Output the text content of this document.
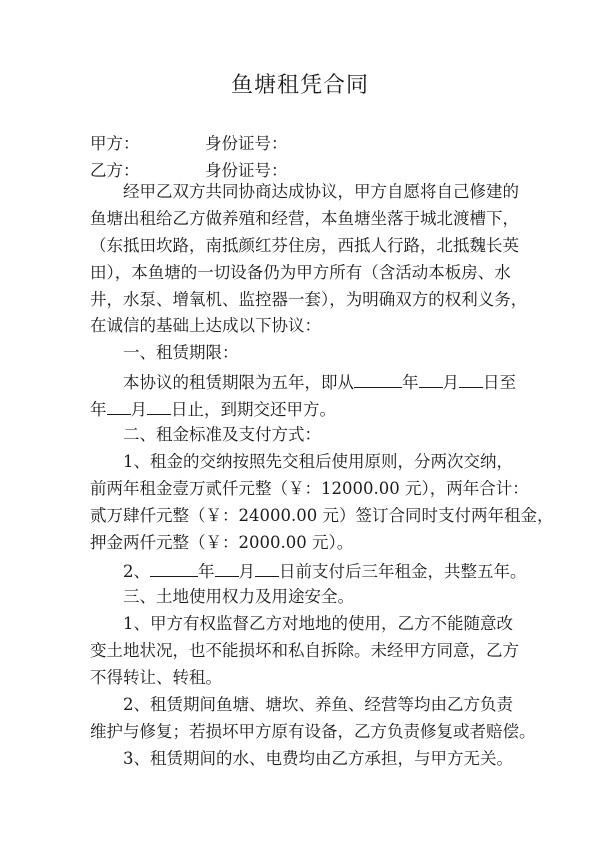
鱼塘租凭合同
甲方：	身份证号：
乙方：	身份证号：
经甲乙双方共同协商达成协议，甲方自愿将自己修建的
鱼塘出租给乙方做养殖和经营，本鱼塘坐落于城北渡槽下，
（东抵田坎路，南抵颜红芬住房，西抵人行路，北抵魏长英
田），本鱼塘的一切设备仍为甲方所有（含活动本板房、水
井，水泵、增氧机、监控器一套），为明确双方的权利义务，
在诚信的基础上达成以下协议：
一、租赁期限：
本协议的租赁期限为五年，即从	年 月 日至
年 月 日止，到期交还甲方。
二、租金标准及支付方式：
1、租金的交纳按照先交租后使用原则，分两次交纳，
前两年租金壹万贰仟元整（￥：12000.00 元），两年合计：
贰万肆仟元整（￥：24000.00 元）签订合同时支付两年租金，
押金两仟元整（￥：2000.00 元）。
2、	年 月 日前支付后三年租金，共整五年。
三、土地使用权力及用途安全。
1、甲方有权监督乙方对地地的使用，乙方不能随意改
变土地状况，也不能损坏和私自拆除。未经甲方同意，乙方
不得转让、转租。
2、租赁期间鱼塘、塘坎、养鱼、经营等均由乙方负责
维护与修复；若损坏甲方原有设备，乙方负责修复或者赔偿。
3、租赁期间的水、电费均由乙方承担，与甲方无关。
